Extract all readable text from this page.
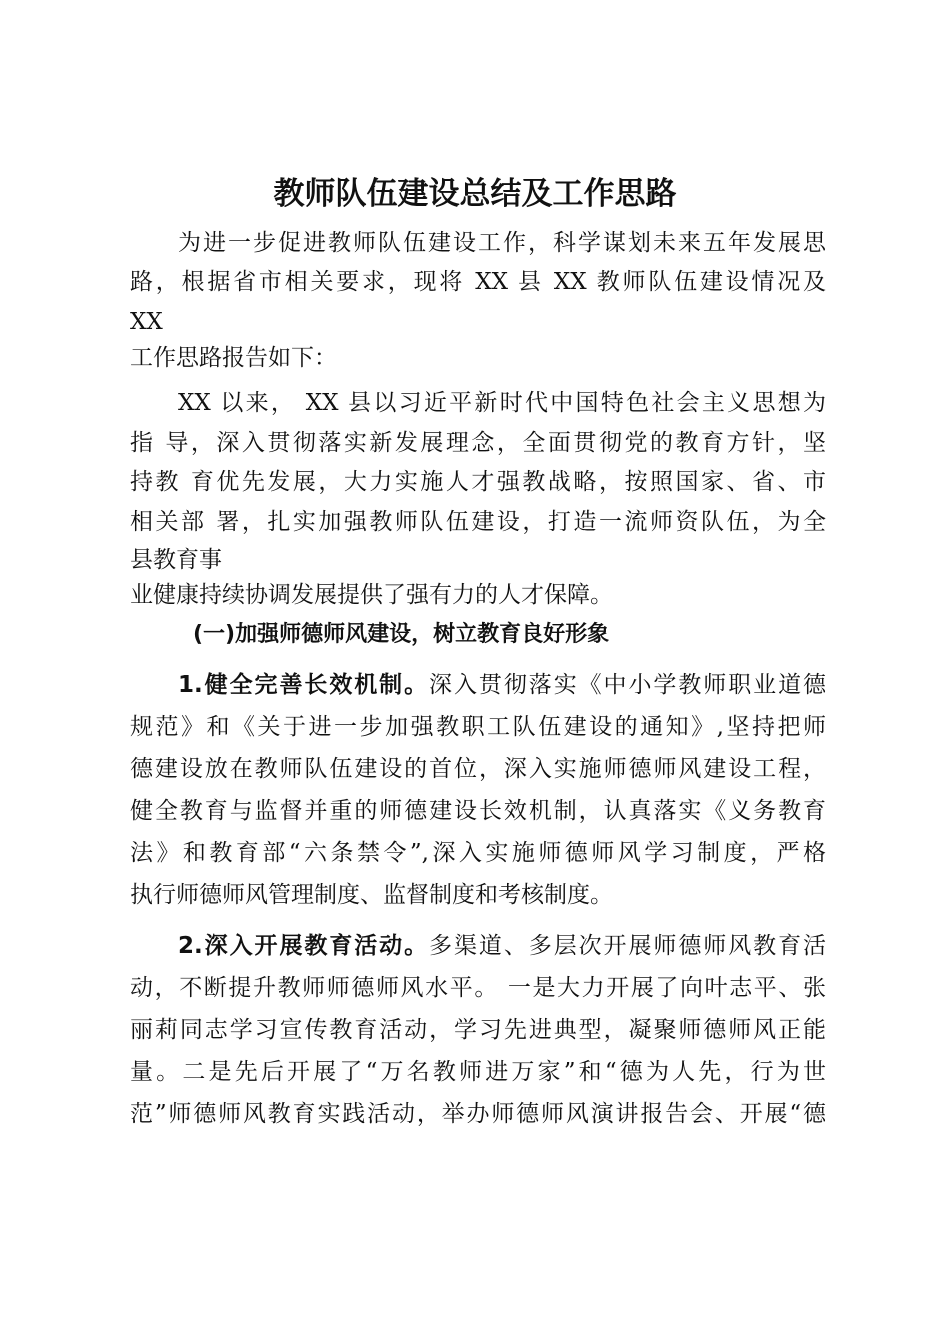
教师队伍建设总结及工作思路
为进一步促进教师队伍建设工作，科学谋划未来五年发展思
路，根据省市相关要求，现将 XX 县 XX 教师队伍建设情况及
XX
工作思路报告如下：
XX 以来， XX 县以习近平新时代中国特色社会主义思想为
指 导，深入贯彻落实新发展理念，全面贯彻党的教育方针，坚
持教 育优先发展，大力实施人才强教战略，按照国家、省、市
相关部 署，扎实加强教师队伍建设，打造一流师资队伍，为全
县教育事
业健康持续协调发展提供了强有力的人才保障。
(一)加强师德师风建设，树立教育良好形象
1.健全完善长效机制。深入贯彻落实《中小学教师职业道德
规范》和《关于进一步加强教职工队伍建设的通知》,坚持把师
德建设放在教师队伍建设的首位，深入实施师德师风建设工程，
健全教育与监督并重的师德建设长效机制，认真落实《义务教育
法》和教育部“六条禁令”,深入实施师德师风学习制度，严格
执行师德师风管理制度、监督制度和考核制度。
2.深入开展教育活动。多渠道、多层次开展师德师风教育活
动，不断提升教师师德师风水平。 一是大力开展了向叶志平、张
丽莉同志学习宣传教育活动，学习先进典型，凝聚师德师风正能
量。二是先后开展了“万名教师进万家”和“德为人先，行为世
范”师德师风教育实践活动，举办师德师风演讲报告会、开展“德
